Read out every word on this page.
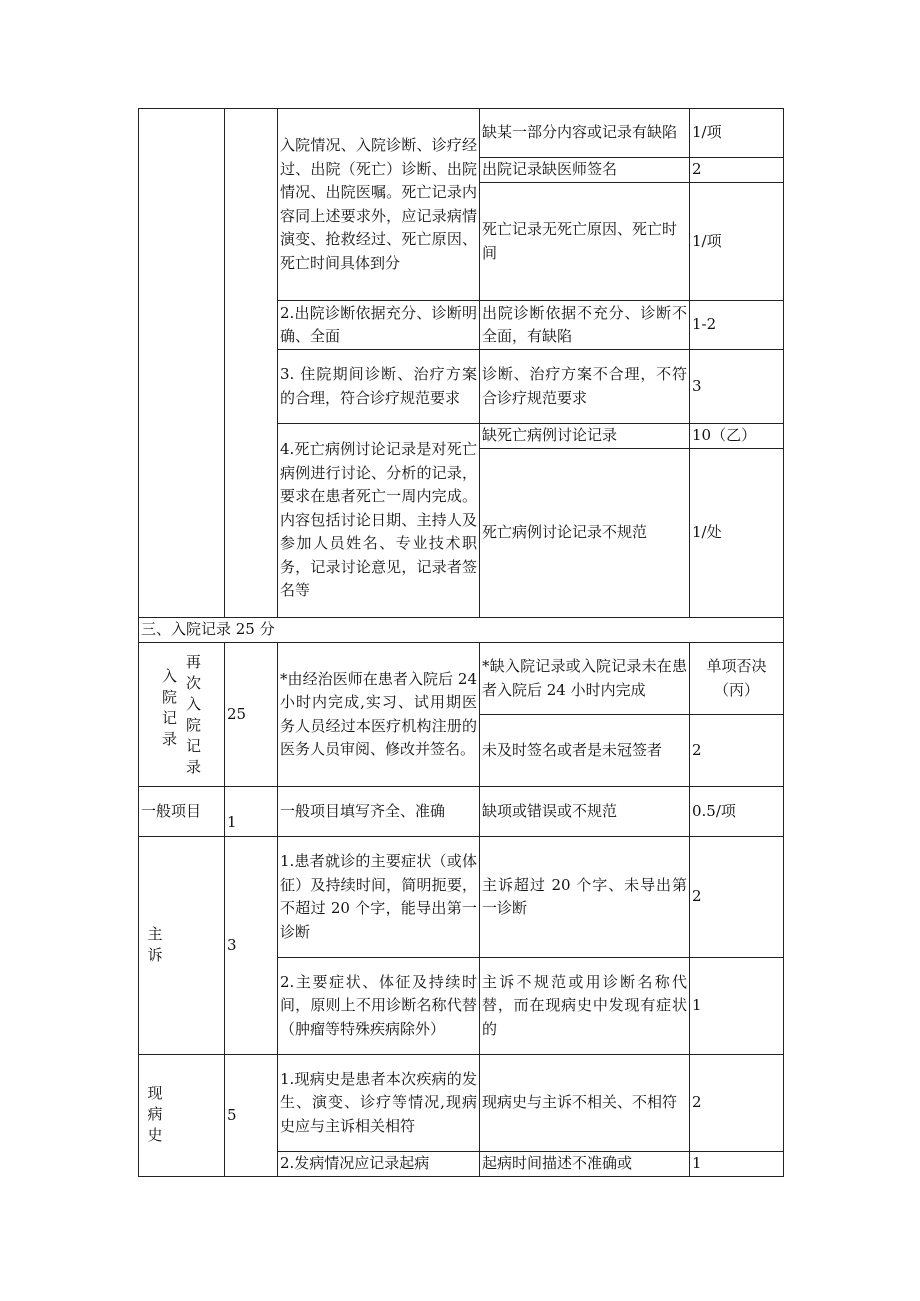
		入院情况、入院诊断、诊疗经过、出院（死亡）诊断、出院情况、出院医嘱。死亡记录内容同上述要求外，应记录病情演变、抢救经过、死亡原因、死亡时间具体到分	缺某一部分内容或记录有缺陷	1/项
			出院记录缺医师签名	2
			死亡记录无死亡原因、死亡时间	1/项
		2.出院诊断依据充分、诊断明确、全面	出院诊断依据不充分、诊断不全面，有缺陷	1-2
		3. 住院期间诊断、治疗方案的合理，符合诊疗规范要求	诊断、治疗方案不合理，不符合诊疗规范要求	3
		4.死亡病例讨论记录是对死亡病例进行讨论、分析的记录，要求在患者死亡一周内完成。内容包括讨论日期、主持人及参加人员姓名、专业技术职务，记录讨论意见，记录者签名等	缺死亡病例讨论记录	10（乙）
			死亡病例讨论记录不规范	1/处
三、入院记录 25 分				

入院记录
再次入院记录	25	*由经治医师在患者入院后 24 小时内完成,实习、试用期医务人员经过本医疗机构注册的医务人员审阅、修改并签名。	*缺入院记录或入院记录未在患者入院后 24 小时内完成	单项否决（丙）
			未及时签名或者是未冠签者	2
一般项目	1	一般项目填写齐全、准确	缺项或错误或不规范	0.5/项
主诉	3	1.患者就诊的主要症状（或体征）及持续时间，简明扼要，不超过 20 个字，能导出第一诊断	主诉超过 20 个字、未导出第一诊断	2
		2.主要症状、体征及持续时间，原则上不用诊断名称代替（肿瘤等特殊疾病除外）	主诉不规范或用诊断名称代替，而在现病史中发现有症状的	1
现病史	5	1.现病史是患者本次疾病的发生、演变、诊疗等情况,现病史应与主诉相关相符	现病史与主诉不相关、不相符	2
		2.发病情况应记录起病	起病时间描述不准确或	1
